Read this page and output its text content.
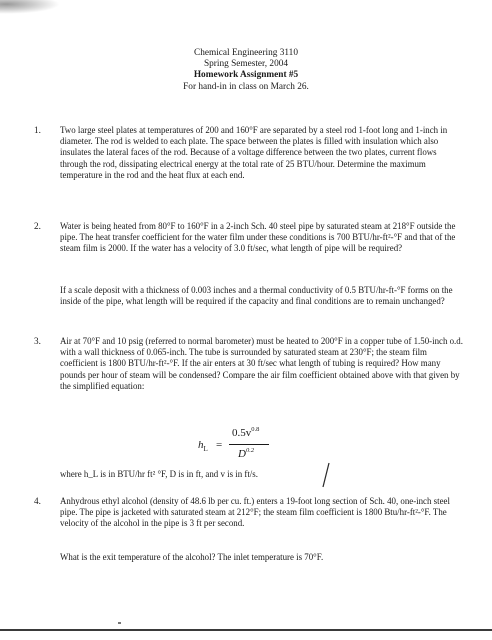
Chemical Engineering 3110
Spring Semester, 2004
Homework Assignment #5
For hand-in in class on March 26.
1. Two large steel plates at temperatures of 200 and 160°F are separated by a steel rod 1-foot long and 1-inch in diameter. The rod is welded to each plate. The space between the plates is filled with insulation which also insulates the lateral faces of the rod. Because of a voltage difference between the two plates, current flows through the rod, dissipating electrical energy at the total rate of 25 BTU/hour. Determine the maximum temperature in the rod and the heat flux at each end.

2. Water is being heated from 80°F to 160°F in a 2-inch Sch. 40 steel pipe by saturated steam at 218°F outside the pipe. The heat transfer coefficient for the water film under these conditions is 700 BTU/hr-ft²-°F and that of the steam film is 2000. If the water has a velocity of 3.0 ft/sec, what length of pipe will be required?

If a scale deposit with a thickness of 0.003 inches and a thermal conductivity of 0.5 BTU/hr-ft-°F forms on the inside of the pipe, what length will be required if the capacity and final conditions are to remain unchanged?

3. Air at 70°F and 10 psig (referred to normal barometer) must be heated to 200°F in a copper tube of 1.50-inch o.d. with a wall thickness of 0.065-inch. The tube is surrounded by saturated steam at 230°F; the steam film coefficient is 1800 BTU/hr-ft²-°F. If the air enters at 30 ft/sec what length of tubing is required? How many pounds per hour of steam will be condensed? Compare the air film coefficient obtained above with that given by the simplified equation:

$h_L$ =
$0.5v^{0.8}$
$D^{0.2}$
where h_L is in BTU/hr ft² °F, D is in ft, and v is in ft/s.
4. Anhydrous ethyl alcohol (density of 48.6 lb per cu. ft.) enters a 19-foot long section of Sch. 40, one-inch steel pipe. The pipe is jacketed with saturated steam at 212°F; the steam film coefficient is 1800 Btu/hr-ft²-°F. The velocity of the alcohol in the pipe is 3 ft per second.

What is the exit temperature of the alcohol? The inlet temperature is 70°F.
